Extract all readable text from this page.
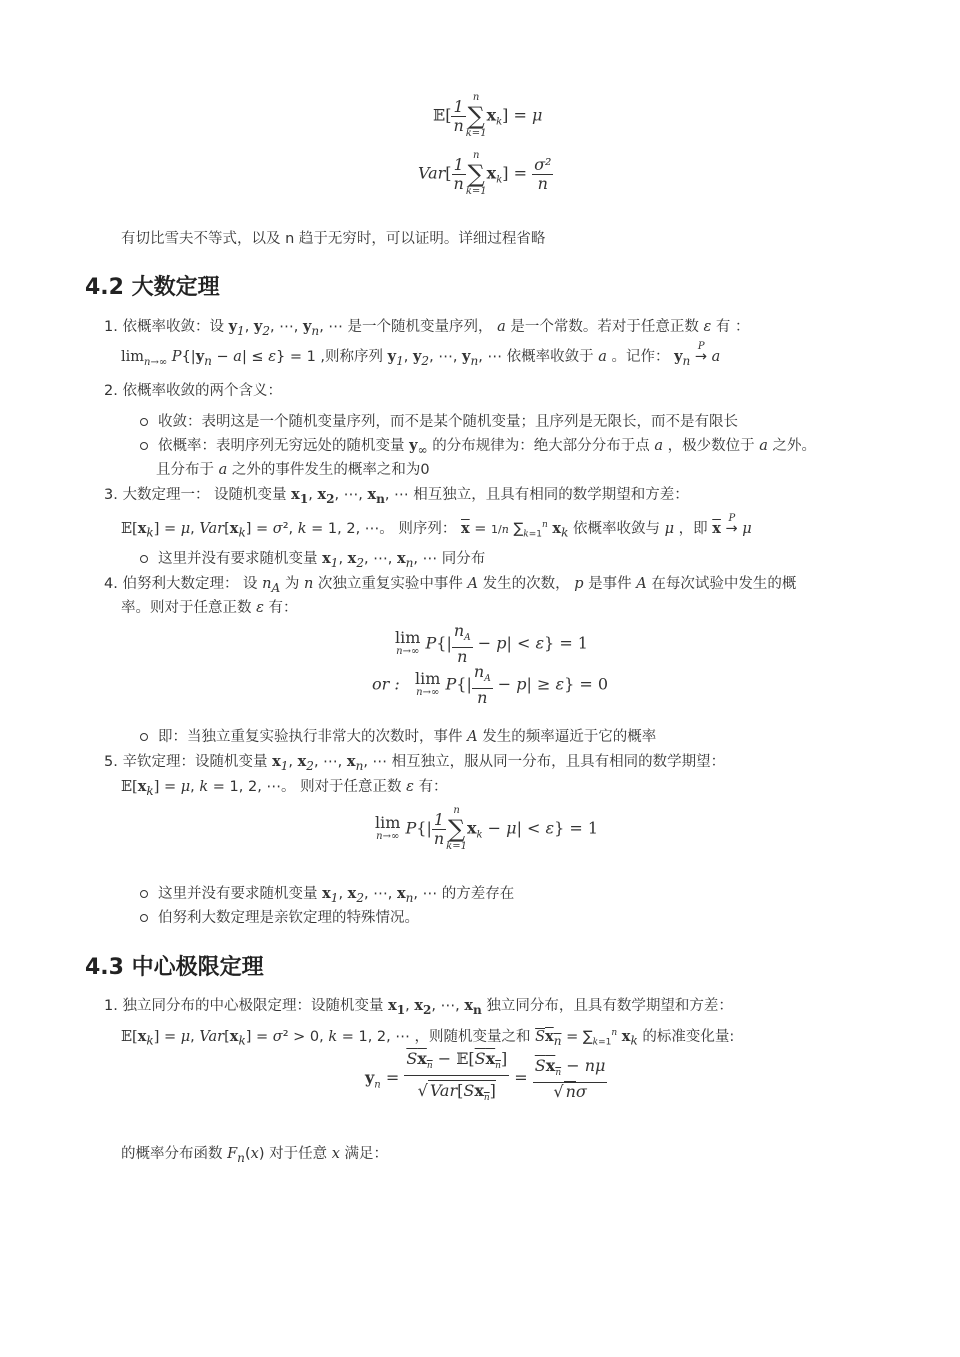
𝔼[ $\frac{1}{n}$ n
∑
k=1
$x_k] = \mu$
$Var[ \frac{1}{n}$ n
∑
k=1
$x_k] = \frac{\text{σ²}}{n}$
有切比雪夫不等式，以及 n 趋于无穷时，可以证明。详细过程省略
4.2 大数定理
1. 依概率收敛：设 $y_1$, $y_2$, ⋯, $y_n$, ⋯ 是一个随机变量序列， a 是一个常数。若对于任意正数 ε 有 ：
$\lim_{n\to\infty} P\{|y_n - a| \le \varepsilon\} = 1$ ,则称序列 $y_1$, $y_2$, ⋯, $y_n$, ⋯ 依概率收敛于 a 。记作： $y_n$
P
→ a
2. 依概率收敛的两个含义：
收敛：表明这是一个随机变量序列，而不是某个随机变量；且序列是无限长，而不是有限长
依概率：表明序列无穷远处的随机变量 $y_\infty$ 的分布规律为：绝大部分分布于点 a ，极少数位于 a 之外。
且分布于 a 之外的事件发生的概率之和为0
3. 大数定理一： 设随机变量 $x_1$, $x_2$, ⋯, $x_n$, ⋯ 相互独立，且具有相同的数学期望和方差：
$𝔼[x_k] = \mu$, $Var[x_k] = \sigma^2$, k = 1, 2, ⋯。 则序列： $\overline{x} = 1/n$ $\sum_{k=1}^n$ $x_k$ 依概率收敛与 μ ，即 $\overline{x}$
P
→ μ
这里并没有要求随机变量 $x_1$, $x_2$, ⋯, $x_n$, ⋯ 同分布
4. 伯努利大数定理： 设 $n_A$ 为 n 次独立重复实验中事件 A 发生的次数， p 是事件 A 在每次试验中发生的概
率。则对于任意正数 ε 有：
lim
n→∞ $P\{| \frac{n_A}{n} - p| < \varepsilon\} = 1$
or : lim
n→∞ $P\{| \frac{n_A}{n} - p| \ge \varepsilon\} = 0$
即：当独立重复实验执行非常大的次数时，事件 A 发生的频率逼近于它的概率
5. 辛钦定理：设随机变量 $x_1$, $x_2$, ⋯, $x_n$, ⋯ 相互独立，服从同一分布，且具有相同的数学期望：
$𝔼[x_k] = \mu$, k = 1, 2, ⋯。 则对于任意正数 ε 有：
lim
n→∞ $P\{| \frac{1}{n}$ n
∑
k=1
$x_k - \mu| < \varepsilon\} = 1$
这里并没有要求随机变量 $x_1$, $x_2$, ⋯, $x_n$, ⋯ 的方差存在
伯努利大数定理是亲钦定理的特殊情况。
4.3 中心极限定理
1. 独立同分布的中心极限定理：设随机变量 $x_1$, $x_2$, ⋯, $x_n$ 独立同分布，且具有数学期望和方差：
$𝔼[x_k] = \mu$, $Var[x_k] = \sigma^2 > 0$, k = 1, 2, ⋯ ，则随机变量之和 $Sx_n = \sum_{k=1}^n$ $x_k$ 的标准变化量:
$y_n = \frac{Sx_n - 𝔼[Sx_n]}{√ Var[Sx_n]} = \frac{Sx_n - n\mu}{√ n\sigma}$
的概率分布函数 $F_n(x)$ 对于任意 x 满足：
